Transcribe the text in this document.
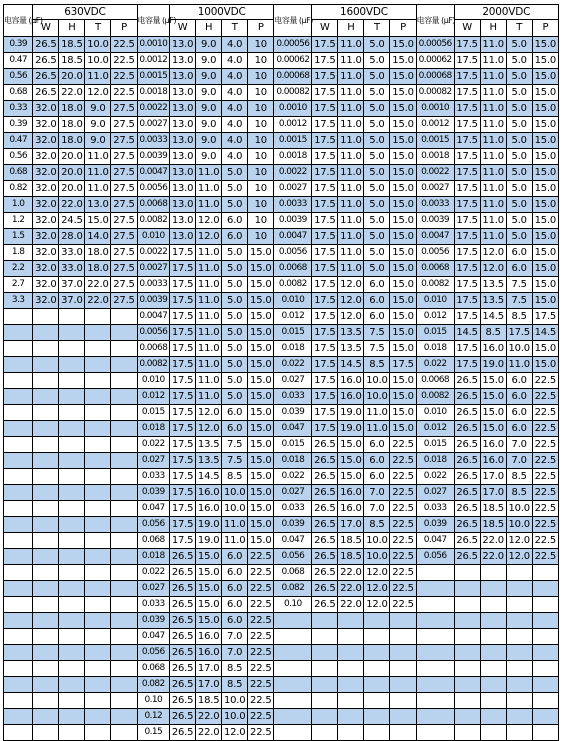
电容量 (μF)	630VDC				电容量 (μF)	1000VDC				电容量 (μF)	1600VDC				电容量 (μF)	2000VDC			
	W	H	T	P		W	H	T	P		W	H	T	P		W	H	T	P
0.39	26.5	18.5	10.0	22.5	0.0010	13.0	9.0	4.0	10	0.00056	17.5	11.0	5.0	15.0	0.00056	17.5	11.0	5.0	15.0
0.47	26.5	18.5	10.0	22.5	0.0012	13.0	9.0	4.0	10	0.00062	17.5	11.0	5.0	15.0	0.00062	17.5	11.0	5.0	15.0
0.56	26.5	20.0	11.0	22.5	0.0015	13.0	9.0	4.0	10	0.00068	17.5	11.0	5.0	15.0	0.00068	17.5	11.0	5.0	15.0
0.68	26.5	22.0	12.0	22.5	0.0018	13.0	9.0	4.0	10	0.00082	17.5	11.0	5.0	15.0	0.00082	17.5	11.0	5.0	15.0
0.33	32.0	18.0	9.0	27.5	0.0022	13.0	9.0	4.0	10	0.0010	17.5	11.0	5.0	15.0	0.0010	17.5	11.0	5.0	15.0
0.39	32.0	18.0	9.0	27.5	0.0027	13.0	9.0	4.0	10	0.0012	17.5	11.0	5.0	15.0	0.0012	17.5	11.0	5.0	15.0
0.47	32.0	18.0	9.0	27.5	0.0033	13.0	9.0	4.0	10	0.0015	17.5	11.0	5.0	15.0	0.0015	17.5	11.0	5.0	15.0
0.56	32.0	20.0	11.0	27.5	0.0039	13.0	9.0	4.0	10	0.0018	17.5	11.0	5.0	15.0	0.0018	17.5	11.0	5.0	15.0
0.68	32.0	20.0	11.0	27.5	0.0047	13.0	11.0	5.0	10	0.0022	17.5	11.0	5.0	15.0	0.0022	17.5	11.0	5.0	15.0
0.82	32.0	20.0	11.0	27.5	0.0056	13.0	11.0	5.0	10	0.0027	17.5	11.0	5.0	15.0	0.0027	17.5	11.0	5.0	15.0
1.0	32.0	22.0	13.0	27.5	0.0068	13.0	11.0	5.0	10	0.0033	17.5	11.0	5.0	15.0	0.0033	17.5	11.0	5.0	15.0
1.2	32.0	24.5	15.0	27.5	0.0082	13.0	12.0	6.0	10	0.0039	17.5	11.0	5.0	15.0	0.0039	17.5	11.0	5.0	15.0
1.5	32.0	28.0	14.0	27.5	0.010	13.0	12.0	6.0	10	0.0047	17.5	11.0	5.0	15.0	0.0047	17.5	11.0	5.0	15.0
1.8	32.0	33.0	18.0	27.5	0.0022	17.5	11.0	5.0	15.0	0.0056	17.5	11.0	5.0	15.0	0.0056	17.5	12.0	6.0	15.0
2.2	32.0	33.0	18.0	27.5	0.0027	17.5	11.0	5.0	15.0	0.0068	17.5	11.0	5.0	15.0	0.0068	17.5	12.0	6.0	15.0
2.7	32.0	37.0	22.0	27.5	0.0033	17.5	11.0	5.0	15.0	0.0082	17.5	12.0	6.0	15.0	0.0082	17.5	13.5	7.5	15.0
3.3	32.0	37.0	22.0	27.5	0.0039	17.5	11.0	5.0	15.0	0.010	17.5	12.0	6.0	15.0	0.010	17.5	13.5	7.5	15.0
					0.0047	17.5	11.0	5.0	15.0	0.012	17.5	12.0	6.0	15.0	0.012	17.5	14.5	8.5	17.5
					0.0056	17.5	11.0	5.0	15.0	0.015	17.5	13.5	7.5	15.0	0.015	14.5	8.5	17.5	14.5
					0.0068	17.5	11.0	5.0	15.0	0.018	17.5	13.5	7.5	15.0	0.018	17.5	16.0	10.0	15.0
					0.0082	17.5	11.0	5.0	15.0	0.022	17.5	14.5	8.5	17.5	0.022	17.5	19.0	11.0	15.0
					0.010	17.5	11.0	5.0	15.0	0.027	17.5	16.0	10.0	15.0	0.0068	26.5	15.0	6.0	22.5
					0.012	17.5	11.0	5.0	15.0	0.033	17.5	16.0	10.0	15.0	0.0082	26.5	15.0	6.0	22.5
					0.015	17.5	12.0	6.0	15.0	0.039	17.5	19.0	11.0	15.0	0.010	26.5	15.0	6.0	22.5
					0.018	17.5	12.0	6.0	15.0	0.047	17.5	19.0	11.0	15.0	0.012	26.5	15.0	6.0	22.5
					0.022	17.5	13.5	7.5	15.0	0.015	26.5	15.0	6.0	22.5	0.015	26.5	16.0	7.0	22.5
					0.027	17.5	13.5	7.5	15.0	0.018	26.5	15.0	6.0	22.5	0.018	26.5	16.0	7.0	22.5
					0.033	17.5	14.5	8.5	15.0	0.022	26.5	15.0	6.0	22.5	0.022	26.5	17.0	8.5	22.5
					0.039	17.5	16.0	10.0	15.0	0.027	26.5	16.0	7.0	22.5	0.027	26.5	17.0	8.5	22.5
					0.047	17.5	16.0	10.0	15.0	0.033	26.5	16.0	7.0	22.5	0.033	26.5	18.5	10.0	22.5
					0.056	17.5	19.0	11.0	15.0	0.039	26.5	17.0	8.5	22.5	0.039	26.5	18.5	10.0	22.5
					0.068	17.5	19.0	11.0	15.0	0.047	26.5	18.5	10.0	22.5	0.047	26.5	22.0	12.0	22.5
					0.018	26.5	15.0	6.0	22.5	0.056	26.5	18.5	10.0	22.5	0.056	26.5	22.0	12.0	22.5
					0.022	26.5	15.0	6.0	22.5	0.068	26.5	22.0	12.0	22.5					
					0.027	26.5	15.0	6.0	22.5	0.082	26.5	22.0	12.0	22.5					
					0.033	26.5	15.0	6.0	22.5	0.10	26.5	22.0	12.0	22.5					
					0.039	26.5	15.0	6.0	22.5										
					0.047	26.5	16.0	7.0	22.5										
					0.056	26.5	16.0	7.0	22.5										
					0.068	26.5	17.0	8.5	22.5										
					0.082	26.5	17.0	8.5	22.5										
					0.10	26.5	18.5	10.0	22.5										
					0.12	26.5	22.0	10.0	22.5										
					0.15	26.5	22.0	12.0	22.5										
